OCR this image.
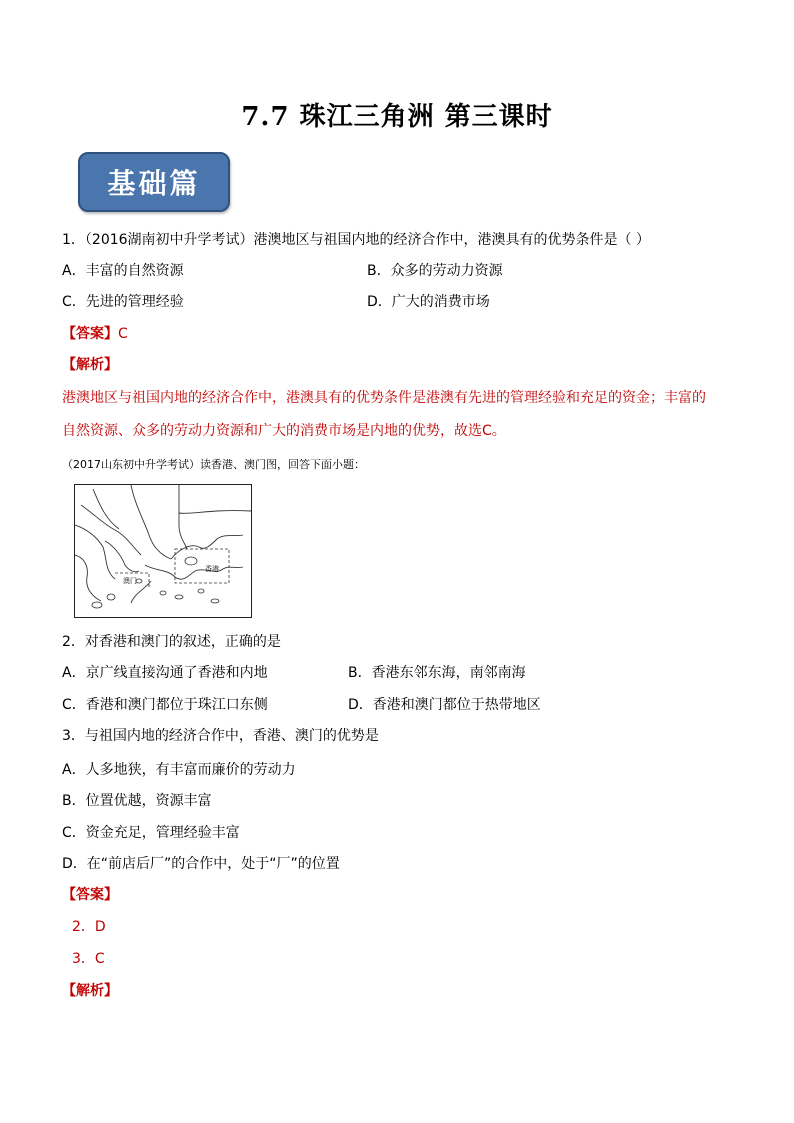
7.7 珠江三角洲 第三课时
基础篇
1．（2016湖南初中升学考试）港澳地区与祖国内地的经济合作中，港澳具有的优势条件是（ ）
A．丰富的自然资源	B．众多的劳动力资源
C．先进的管理经验	D．广大的消费市场
【答案】C
【解析】
港澳地区与祖国内地的经济合作中，港澳具有的优势条件是港澳有先进的管理经验和充足的资金；丰富的
自然资源、众多的劳动力资源和广大的消费市场是内地的优势，故选C。
（2017山东初中升学考试）读香港、澳门图，回答下面小题：
澳门
香港
2．对香港和澳门的叙述，正确的是
A．京广线直接沟通了香港和内地	B．香港东邻东海，南邻南海
C．香港和澳门都位于珠江口东侧	D．香港和澳门都位于热带地区
3．与祖国内地的经济合作中，香港、澳门的优势是
A．人多地狭，有丰富而廉价的劳动力
B．位置优越，资源丰富
C．资金充足，管理经验丰富
D．在“前店后厂”的合作中，处于“厂”的位置
【答案】
2．D
3．C
【解析】
